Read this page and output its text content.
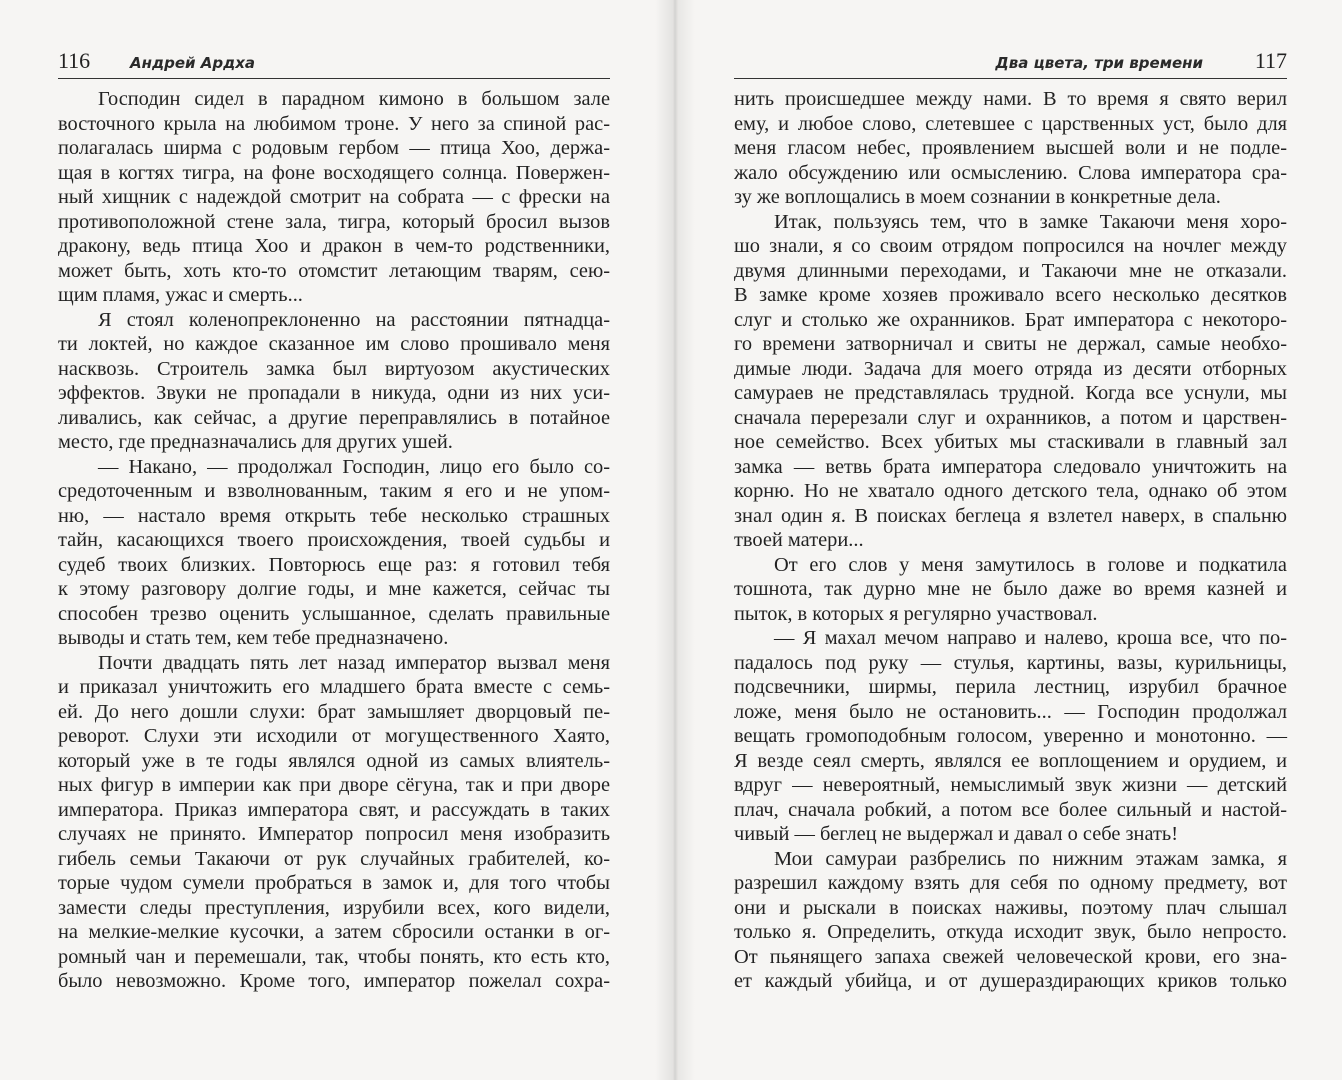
116	Андрей Ардха

Господин сидел в парадном кимоно в большом зале
восточного крыла на любимом троне. У него за спиной рас-
полагалась ширма с родовым гербом — птица Хоо, держа-
щая в когтях тигра, на фоне восходящего солнца. Повержен-
ный хищник с надеждой смотрит на собрата — с фрески на
противоположной стене зала, тигра, который бросил вызов
дракону, ведь птица Хоо и дракон в чем-то родственники,
может быть, хоть кто-то отомстит летающим тварям, сею-
щим пламя, ужас и смерть...

Я стоял коленопреклоненно на расстоянии пятнадца-
ти локтей, но каждое сказанное им слово прошивало меня
насквозь. Строитель замка был виртуозом акустических
эффектов. Звуки не пропадали в никуда, одни из них уси-
ливались, как сейчас, а другие переправлялись в потайное
место, где предназначались для других ушей.

— Накано, — продолжал Господин, лицо его было со-
средоточенным и взволнованным, таким я его и не упом-
ню, — настало время открыть тебе несколько страшных
тайн, касающихся твоего происхождения, твоей судьбы и
судеб твоих близких. Повторюсь еще раз: я готовил тебя
к этому разговору долгие годы, и мне кажется, сейчас ты
способен трезво оценить услышанное, сделать правильные
выводы и стать тем, кем тебе предназначено.

Почти двадцать пять лет назад император вызвал меня
и приказал уничтожить его младшего брата вместе с семь-
ей. До него дошли слухи: брат замышляет дворцовый пе-
реворот. Слухи эти исходили от могущественного Хаято,
который уже в те годы являлся одной из самых влиятель-
ных фигур в империи как при дворе сёгуна, так и при дворе
императора. Приказ императора свят, и рассуждать в таких
случаях не принято. Император попросил меня изобразить
гибель семьи Такаючи от рук случайных грабителей, ко-
торые чудом сумели пробраться в замок и, для того чтобы
замести следы преступления, изрубили всех, кого видели,
на мелкие-мелкие кусочки, а затем сбросили останки в ог-
ромный чан и перемешали, так, чтобы понять, кто есть кто,
было невозможно. Кроме того, император пожелал сохра-

Два цвета, три времени 117

нить происшедшее между нами. В то время я свято верил
ему, и любое слово, слетевшее с царственных уст, было для
меня гласом небес, проявлением высшей воли и не подле-
жало обсуждению или осмыслению. Слова императора сра-
зу же воплощались в моем сознании в конкретные дела.

Итак, пользуясь тем, что в замке Такаючи меня хоро-
шо знали, я со своим отрядом попросился на ночлег между
двумя длинными переходами, и Такаючи мне не отказали.
В замке кроме хозяев проживало всего несколько десятков
слуг и столько же охранников. Брат императора с некоторо-
го времени затворничал и свиты не держал, самые необхо-
димые люди. Задача для моего отряда из десяти отборных
самураев не представлялась трудной. Когда все уснули, мы
сначала перерезали слуг и охранников, а потом и царствен-
ное семейство. Всех убитых мы стаскивали в главный зал
замка — ветвь брата императора следовало уничтожить на
корню. Но не хватало одного детского тела, однако об этом
знал один я. В поисках беглеца я взлетел наверх, в спальню
твоей матери...

От его слов у меня замутилось в голове и подкатила
тошнота, так дурно мне не было даже во время казней и
пыток, в которых я регулярно участвовал.

— Я махал мечом направо и налево, кроша все, что по-
падалось под руку — стулья, картины, вазы, курильницы,
подсвечники, ширмы, перила лестниц, изрубил брачное
ложе, меня было не остановить... — Господин продолжал
вещать громоподобным голосом, уверенно и монотонно. —
Я везде сеял смерть, являлся ее воплощением и орудием, и
вдруг — невероятный, немыслимый звук жизни — детский
плач, сначала робкий, а потом все более сильный и настой-
чивый — беглец не выдержал и давал о себе знать!

Мои самураи разбрелись по нижним этажам замка, я
разрешил каждому взять для себя по одному предмету, вот
они и рыскали в поисках наживы, поэтому плач слышал
только я. Определить, откуда исходит звук, было непросто.
От пьянящего запаха свежей человеческой крови, его зна-
ет каждый убийца, и от душераздирающих криков только
